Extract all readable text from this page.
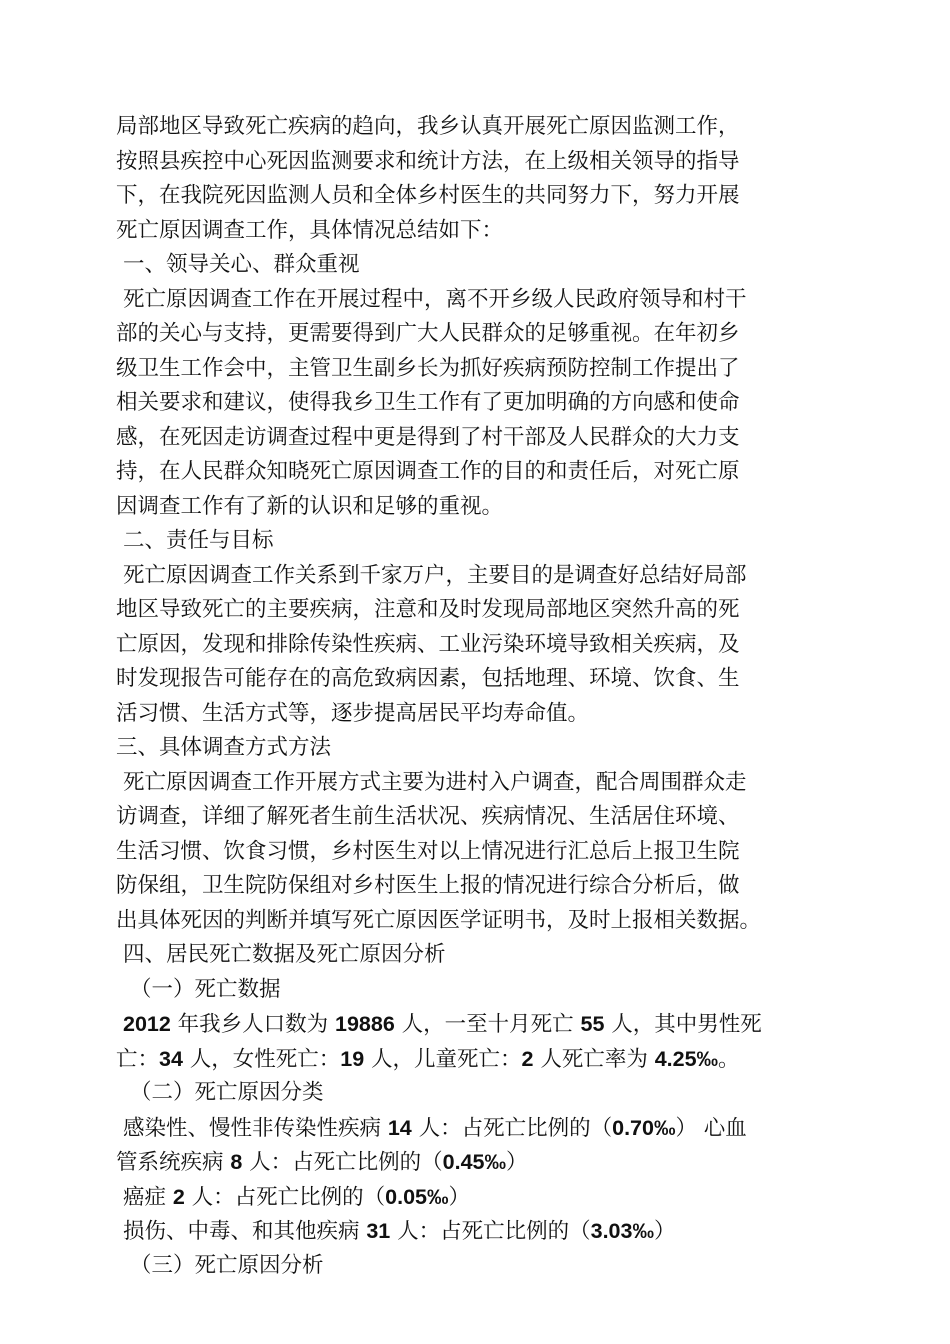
局部地区导致死亡疾病的趋向，我乡认真开展死亡原因监测工作，
按照县疾控中心死因监测要求和统计方法，在上级相关领导的指导
下，在我院死因监测人员和全体乡村医生的共同努力下，努力开展
死亡原因调查工作，具体情况总结如下：
一、领导关心、群众重视
死亡原因调查工作在开展过程中，离不开乡级人民政府领导和村干
部的关心与支持，更需要得到广大人民群众的足够重视。在年初乡
级卫生工作会中，主管卫生副乡长为抓好疾病预防控制工作提出了
相关要求和建议，使得我乡卫生工作有了更加明确的方向感和使命
感，在死因走访调查过程中更是得到了村干部及人民群众的大力支
持，在人民群众知晓死亡原因调查工作的目的和责任后，对死亡原
因调查工作有了新的认识和足够的重视。
二、责任与目标
死亡原因调查工作关系到千家万户，主要目的是调查好总结好局部
地区导致死亡的主要疾病，注意和及时发现局部地区突然升高的死
亡原因，发现和排除传染性疾病、工业污染环境导致相关疾病，及
时发现报告可能存在的高危致病因素，包括地理、环境、饮食、生
活习惯、生活方式等，逐步提高居民平均寿命值。
三、具体调查方式方法
死亡原因调查工作开展方式主要为进村入户调查，配合周围群众走
访调查，详细了解死者生前生活状况、疾病情况、生活居住环境、
生活习惯、饮食习惯，乡村医生对以上情况进行汇总后上报卫生院
防保组，卫生院防保组对乡村医生上报的情况进行综合分析后，做
出具体死因的判断并填写死亡原因医学证明书，及时上报相关数据。
四、居民死亡数据及死亡原因分析
（一）死亡数据
2012 年我乡人口数为 19886 人，一至十月死亡 55 人，其中男性死
亡：34 人，女性死亡：19 人，儿童死亡：2 人死亡率为 4.25‰。
（二）死亡原因分类
感染性、慢性非传染性疾病 14 人：占死亡比例的（0.70‰） 心血
管系统疾病 8 人：占死亡比例的（0.45‰）
癌症 2 人：占死亡比例的（0.05‰）
损伤、中毒、和其他疾病 31 人：占死亡比例的（3.03‰）
（三）死亡原因分析
